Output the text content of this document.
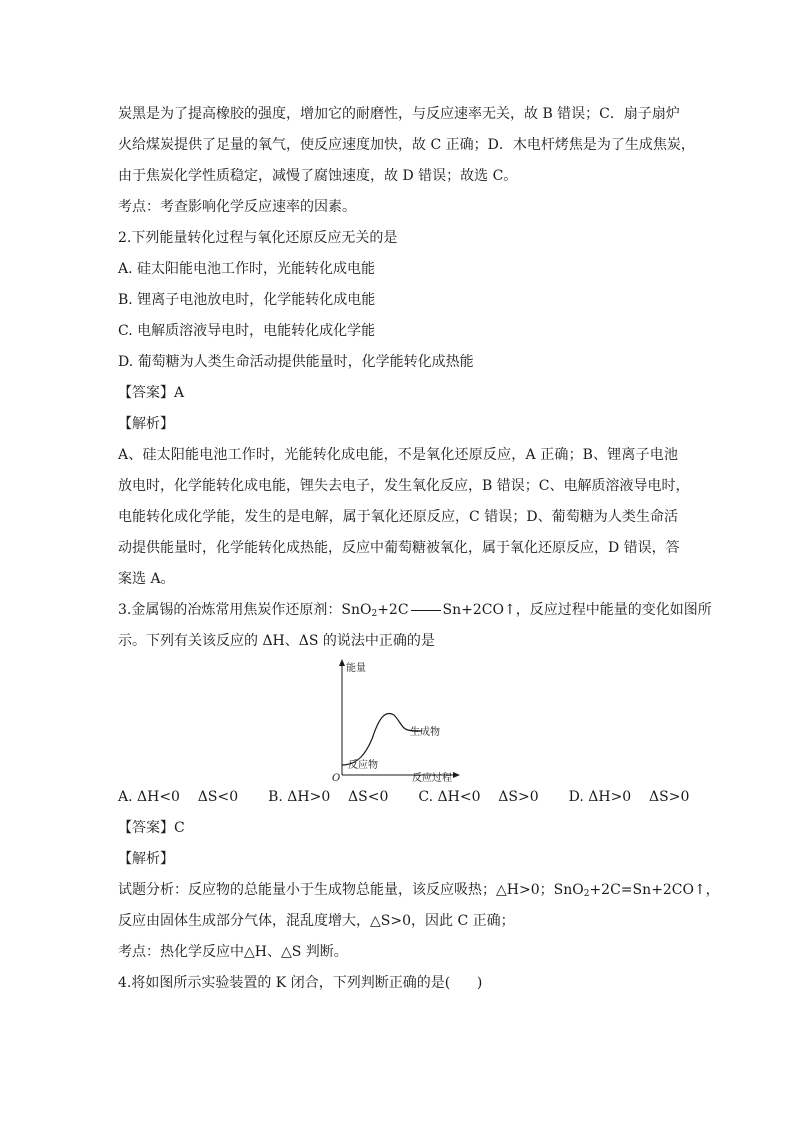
炭黑是为了提高橡胶的强度，增加它的耐磨性，与反应速率无关，故 B 错误；C．扇子扇炉
火给煤炭提供了足量的氧气，使反应速度加快，故 C 正确；D．木电杆烤焦是为了生成焦炭，
由于焦炭化学性质稳定，减慢了腐蚀速度，故 D 错误；故选 C。
考点：考查影响化学反应速率的因素。
2.下列能量转化过程与氧化还原反应无关的是
A. 硅太阳能电池工作时，光能转化成电能
B. 锂离子电池放电时，化学能转化成电能
C. 电解质溶液导电时，电能转化成化学能
D. 葡萄糖为人类生命活动提供能量时，化学能转化成热能
【答案】A
【解析】
A、硅太阳能电池工作时，光能转化成电能，不是氧化还原反应，A 正确；B、锂离子电池
放电时，化学能转化成电能，锂失去电子，发生氧化反应，B 错误；C、电解质溶液导电时，
电能转化成化学能，发生的是电解，属于氧化还原反应，C 错误；D、葡萄糖为人类生命活
动提供能量时，化学能转化成热能，反应中葡萄糖被氧化，属于氧化还原反应，D 错误，答
案选 A。
3.金属锡的冶炼常用焦炭作还原剂：SnO$_2$+2C Sn+2CO↑，反应过程中能量的变化如图所
示。下列有关该反应的 ΔH、ΔS 的说法中正确的是
能量
生成物
反应物
O	反应过程
A. ΔH<0    ΔS<0 B. ΔH>0    ΔS<0 C. ΔH<0    ΔS>0 D. ΔH>0    ΔS>0
【答案】C
【解析】
试题分析：反应物的总能量小于生成物总能量，该反应吸热；△H>0；SnO$_2$+2C=Sn+2CO↑，
反应由固体生成部分气体，混乱度增大，△S>0，因此 C 正确；
考点：热化学反应中△H、△S 判断。
4.将如图所示实验装置的 K 闭合，下列判断正确的是(      )
